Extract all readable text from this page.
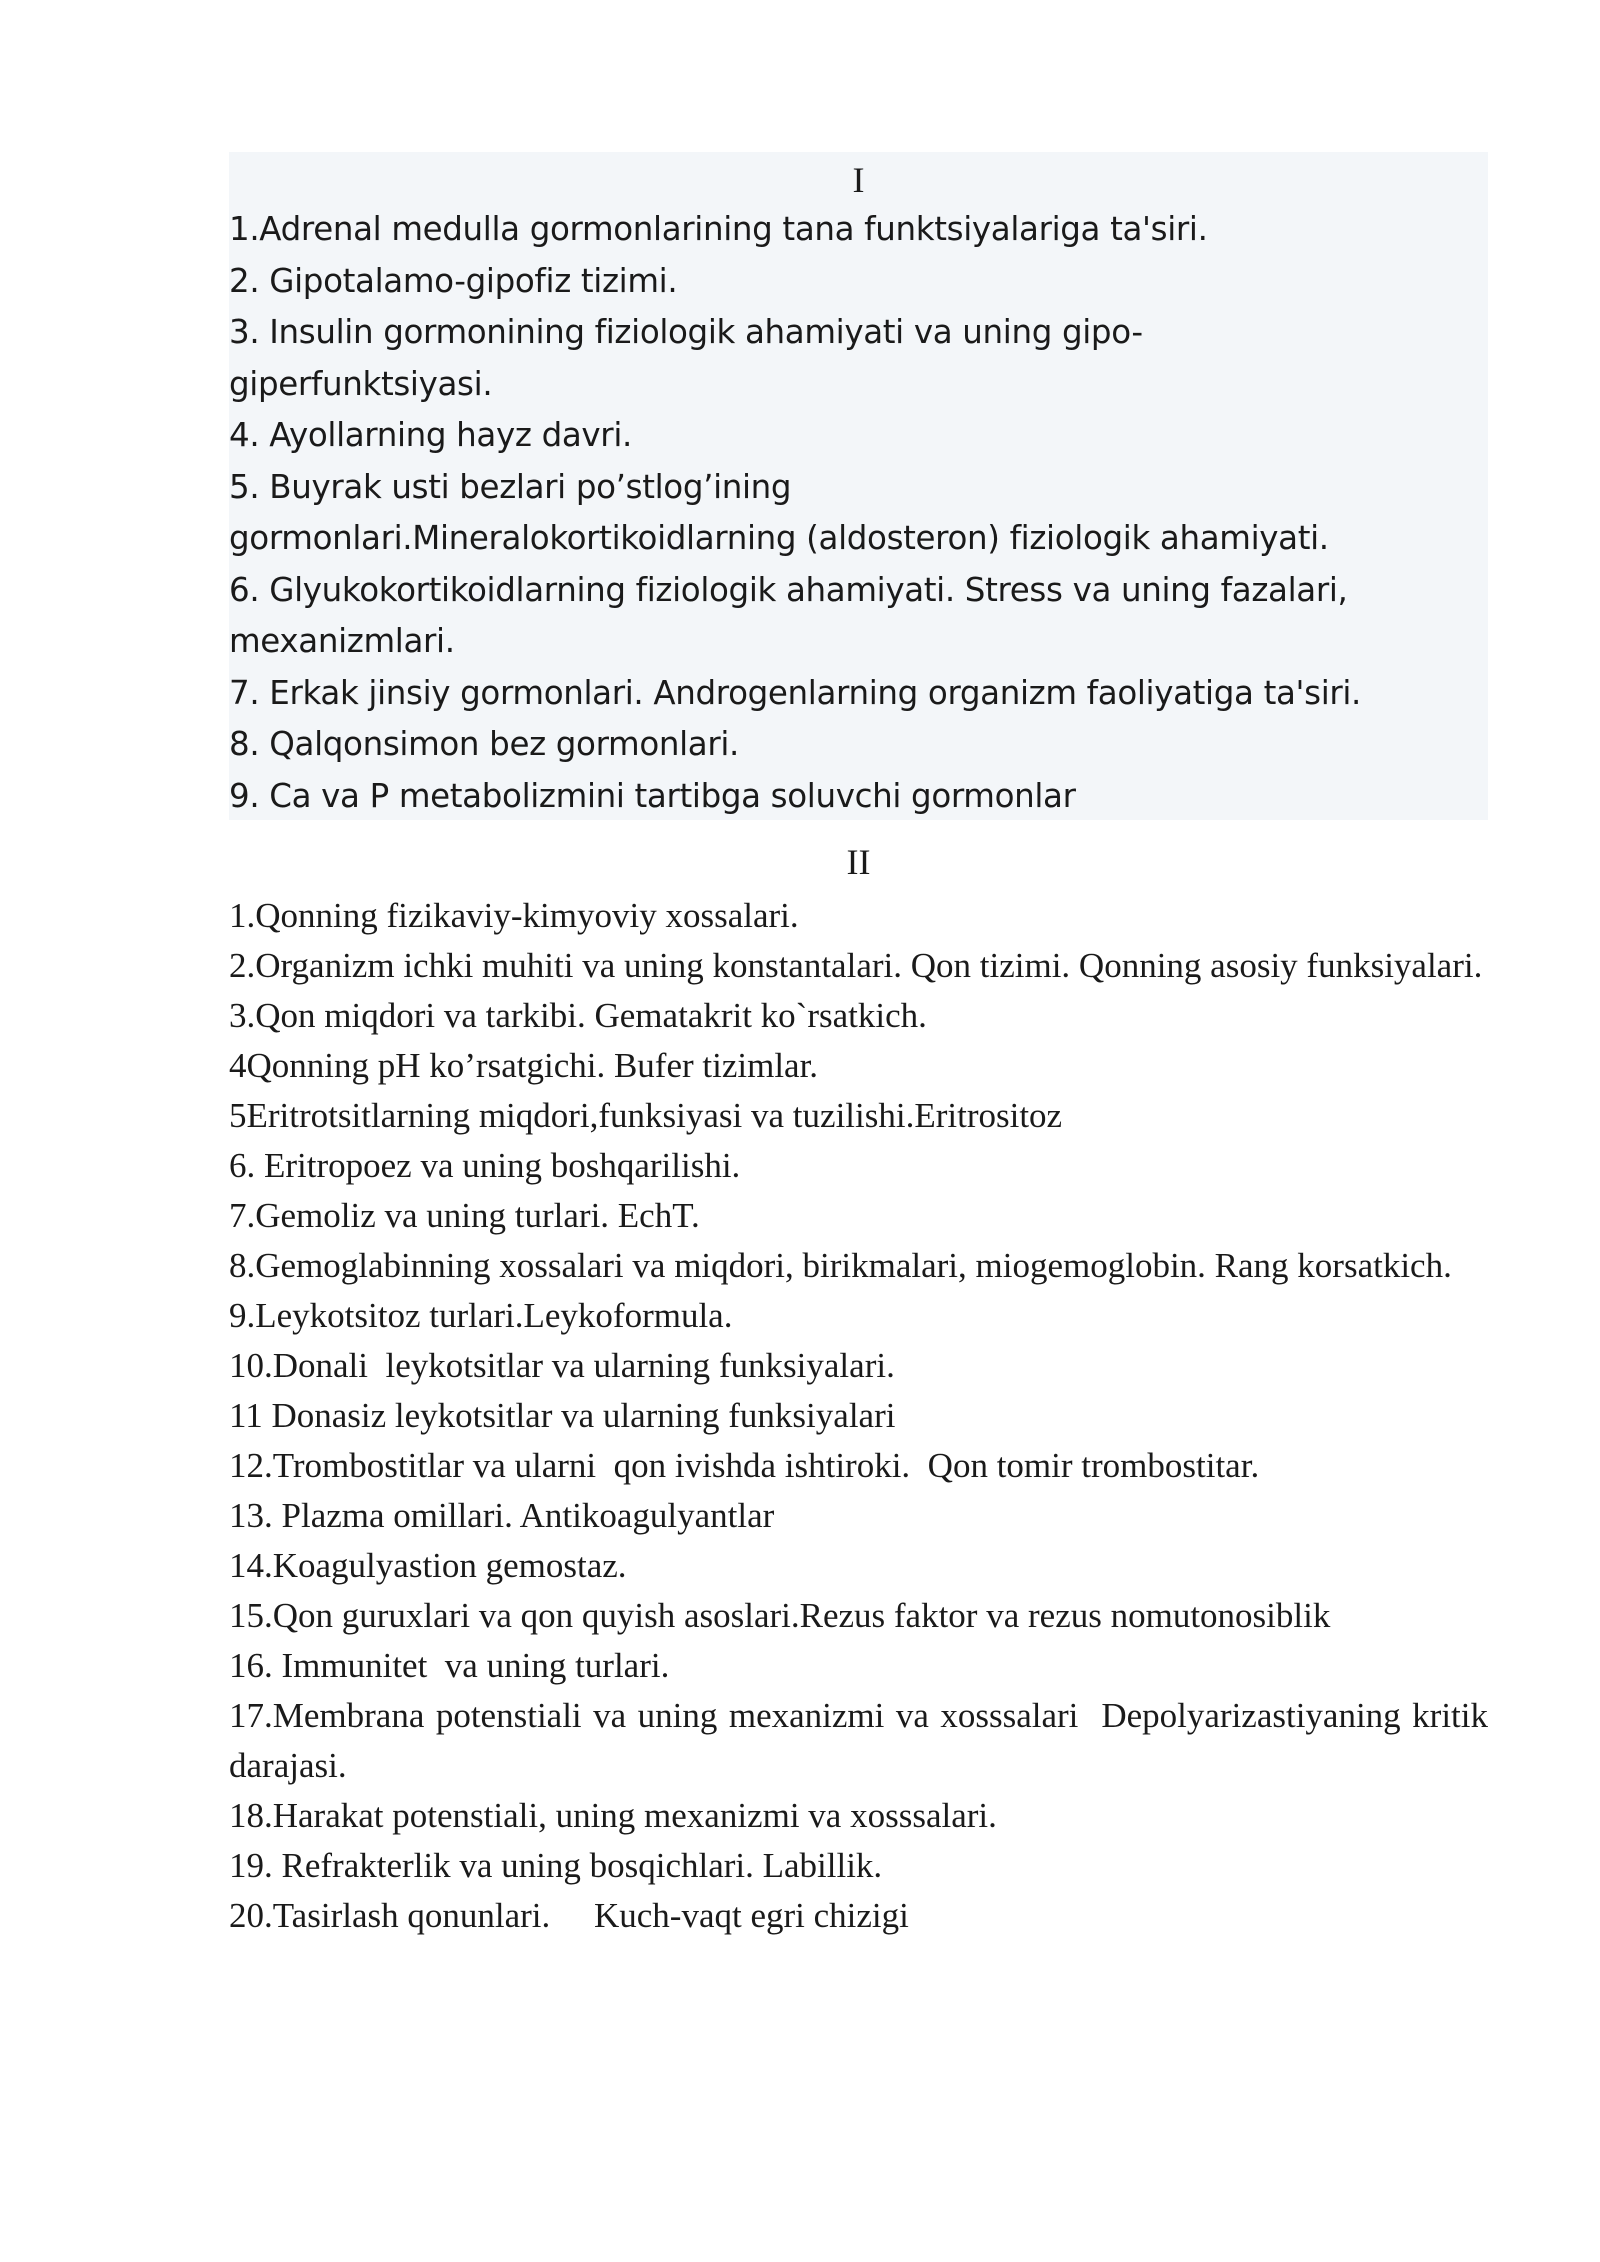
I
1.Adrenal medulla gormonlarining tana funktsiyalariga ta'siri.
2. Gipotalamo-gipofiz tizimi.
3. Insulin gormonining fiziologik ahamiyati va uning gipo-
giperfunktsiyasi.
4. Ayollarning hayz davri.
5. Buyrak usti bezlari po’stlog’ining
gormonlari.Mineralokortikoidlarning (aldosteron) fiziologik ahamiyati.
6. Glyukokortikoidlarning fiziologik ahamiyati. Stress va uning fazalari,
mexanizmlari.
7. Erkak jinsiy gormonlari. Androgenlarning organizm faoliyatiga ta'siri.
8. Qalqonsimon bez gormonlari.
9. Ca va P metabolizmini tartibga soluvchi gormonlar
II
1.Qonning fizikaviy-kimyoviy xossalari.
2.Organizm ichki muhiti va uning konstantalari. Qon tizimi. Qonning asosiy funksiyalari.
3.Qon miqdori va tarkibi. Gematakrit ko`rsatkich.
4Qonning pH ko’rsatgichi. Bufer tizimlar.
5Eritrotsitlarning miqdori,funksiyasi va tuzilishi.Eritrositoz
6. Eritropoez va uning boshqarilishi.
7.Gemoliz va uning turlari. EchT.
8.Gemoglabinning xossalari va miqdori, birikmalari, miogemoglobin. Rang korsatkich.
9.Leykotsitoz turlari.Leykoformula.
10.Donali  leykotsitlar va ularning funksiyalari.
11 Donasiz leykotsitlar va ularning funksiyalari
12.Trombostitlar va ularni  qon ivishda ishtiroki.  Qon tomir trombostitar.
13. Plazma omillari. Antikoagulyantlar
14.Koagulyastion gemostaz.
15.Qon guruxlari va qon quyish asoslari.Rezus faktor va rezus nomutonosiblik
16. Immunitet  va uning turlari.
17.Membrana potenstiali va uning mexanizmi va xosssalari  Depolyarizastiyaning kritik darajasi.
18.Harakat potenstiali, uning mexanizmi va xosssalari.
19. Refrakterlik va uning bosqichlari. Labillik.
20.Tasirlash qonunlari.     Kuch-vaqt egri chizigi
